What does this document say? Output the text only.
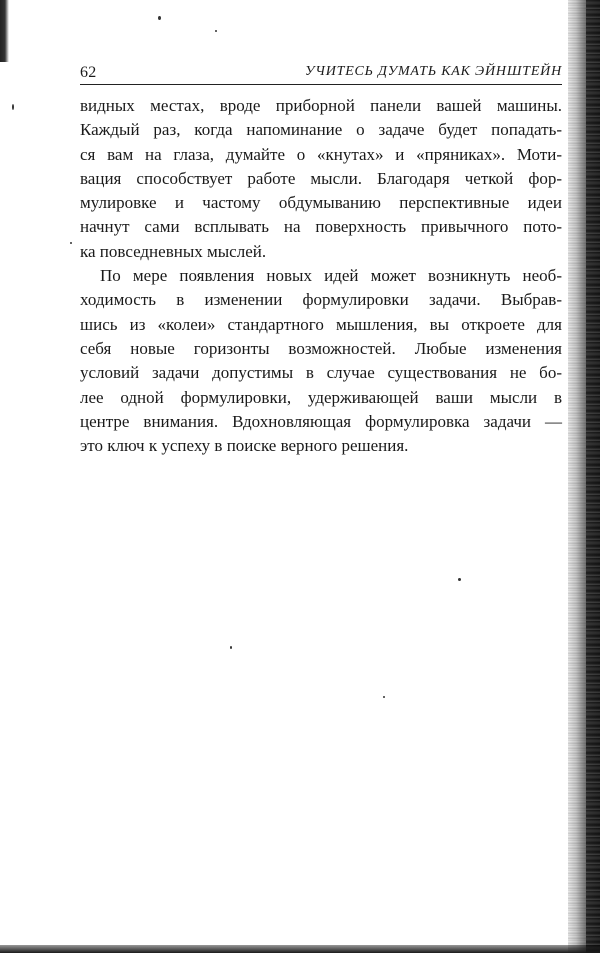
62	УЧИТЕСЬ ДУМАТЬ КАК ЭЙНШТЕЙН
видных местах, вроде приборной панели вашей машины.
Каждый раз, когда напоминание о задаче будет попадать-
ся вам на глаза, думайте о «кнутах» и «пряниках». Моти-
вация способствует работе мысли. Благодаря четкой фор-
мулировке и частому обдумыванию перспективные идеи
начнут сами всплывать на поверхность привычного пото-
ка повседневных мыслей.
По мере появления новых идей может возникнуть необ-
ходимость в изменении формулировки задачи. Выбрав-
шись из «колеи» стандартного мышления, вы откроете для
себя новые горизонты возможностей. Любые изменения
условий задачи допустимы в случае существования не бо-
лее одной формулировки, удерживающей ваши мысли в
центре внимания. Вдохновляющая формулировка задачи —
это ключ к успеху в поиске верного решения.
